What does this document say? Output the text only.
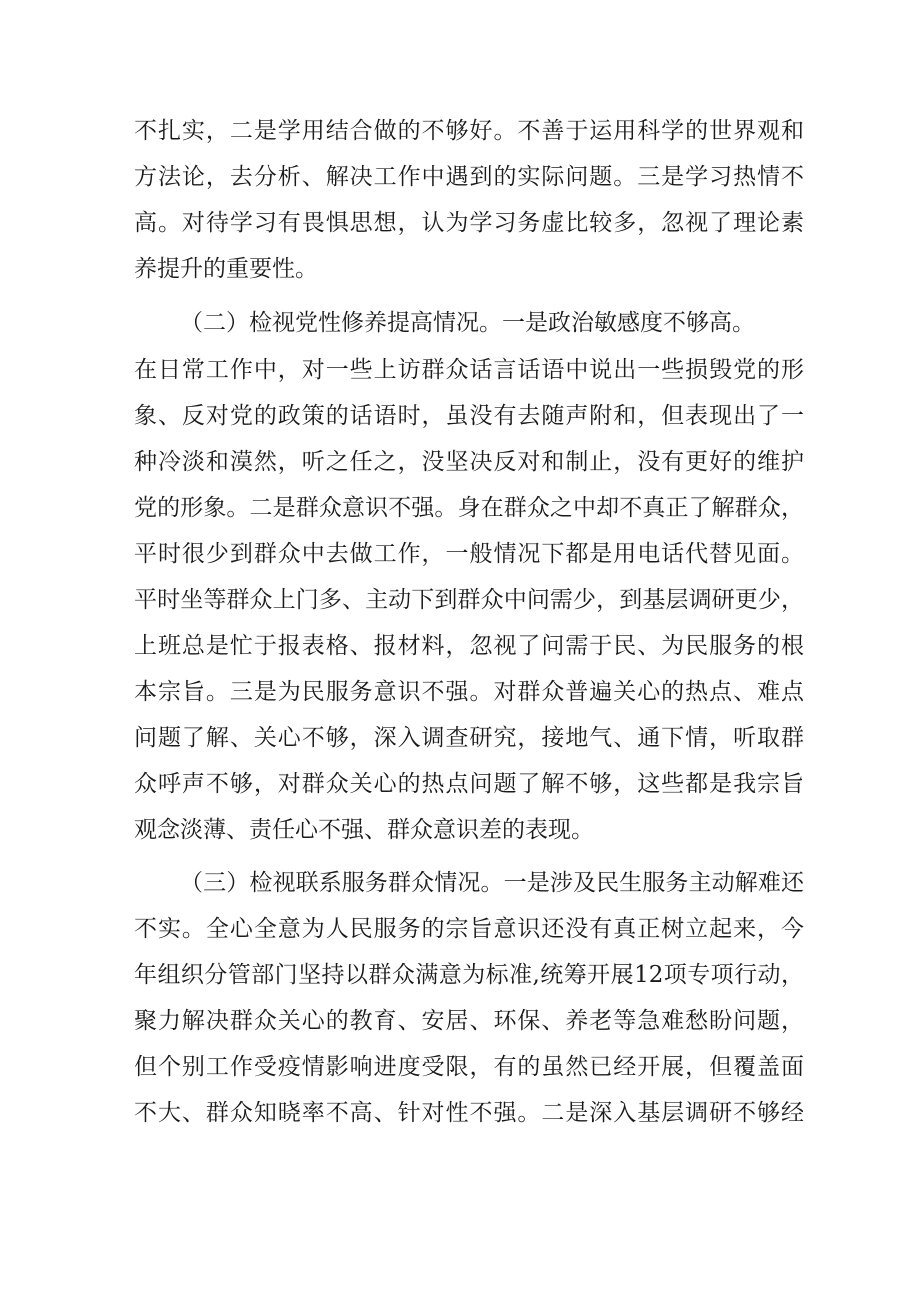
不扎实，二是学用结合做的不够好。不善于运用科学的世界观和

方法论，去分析、解决工作中遇到的实际问题。三是学习热情不

高。对待学习有畏惧思想，认为学习务虚比较多，忽视了理论素

养提升的重要性。

（二）检视党性修养提高情况。一是政治敏感度不够高。

在日常工作中，对一些上访群众话言话语中说出一些损毁党的形

象、反对党的政策的话语时，虽没有去随声附和，但表现出了一

种冷淡和漠然，听之任之，没坚决反对和制止，没有更好的维护

党的形象。二是群众意识不强。身在群众之中却不真正了解群众，

平时很少到群众中去做工作，一般情况下都是用电话代替见面。

平时坐等群众上门多、主动下到群众中问需少，到基层调研更少，

上班总是忙于报表格、报材料，忽视了问需于民、为民服务的根

本宗旨。三是为民服务意识不强。对群众普遍关心的热点、难点

问题了解、关心不够，深入调查研究，接地气、通下情，听取群

众呼声不够，对群众关心的热点问题了解不够，这些都是我宗旨

观念淡薄、责任心不强、群众意识差的表现。

（三）检视联系服务群众情况。一是涉及民生服务主动解难还

不实。全心全意为人民服务的宗旨意识还没有真正树立起来，今

年组织分管部门坚持以群众满意为标准,统筹开展12项专项行动，

聚力解决群众关心的教育、安居、环保、养老等急难愁盼问题，

但个别工作受疫情影响进度受限，有的虽然已经开展，但覆盖面

不大、群众知晓率不高、针对性不强。二是深入基层调研不够经
